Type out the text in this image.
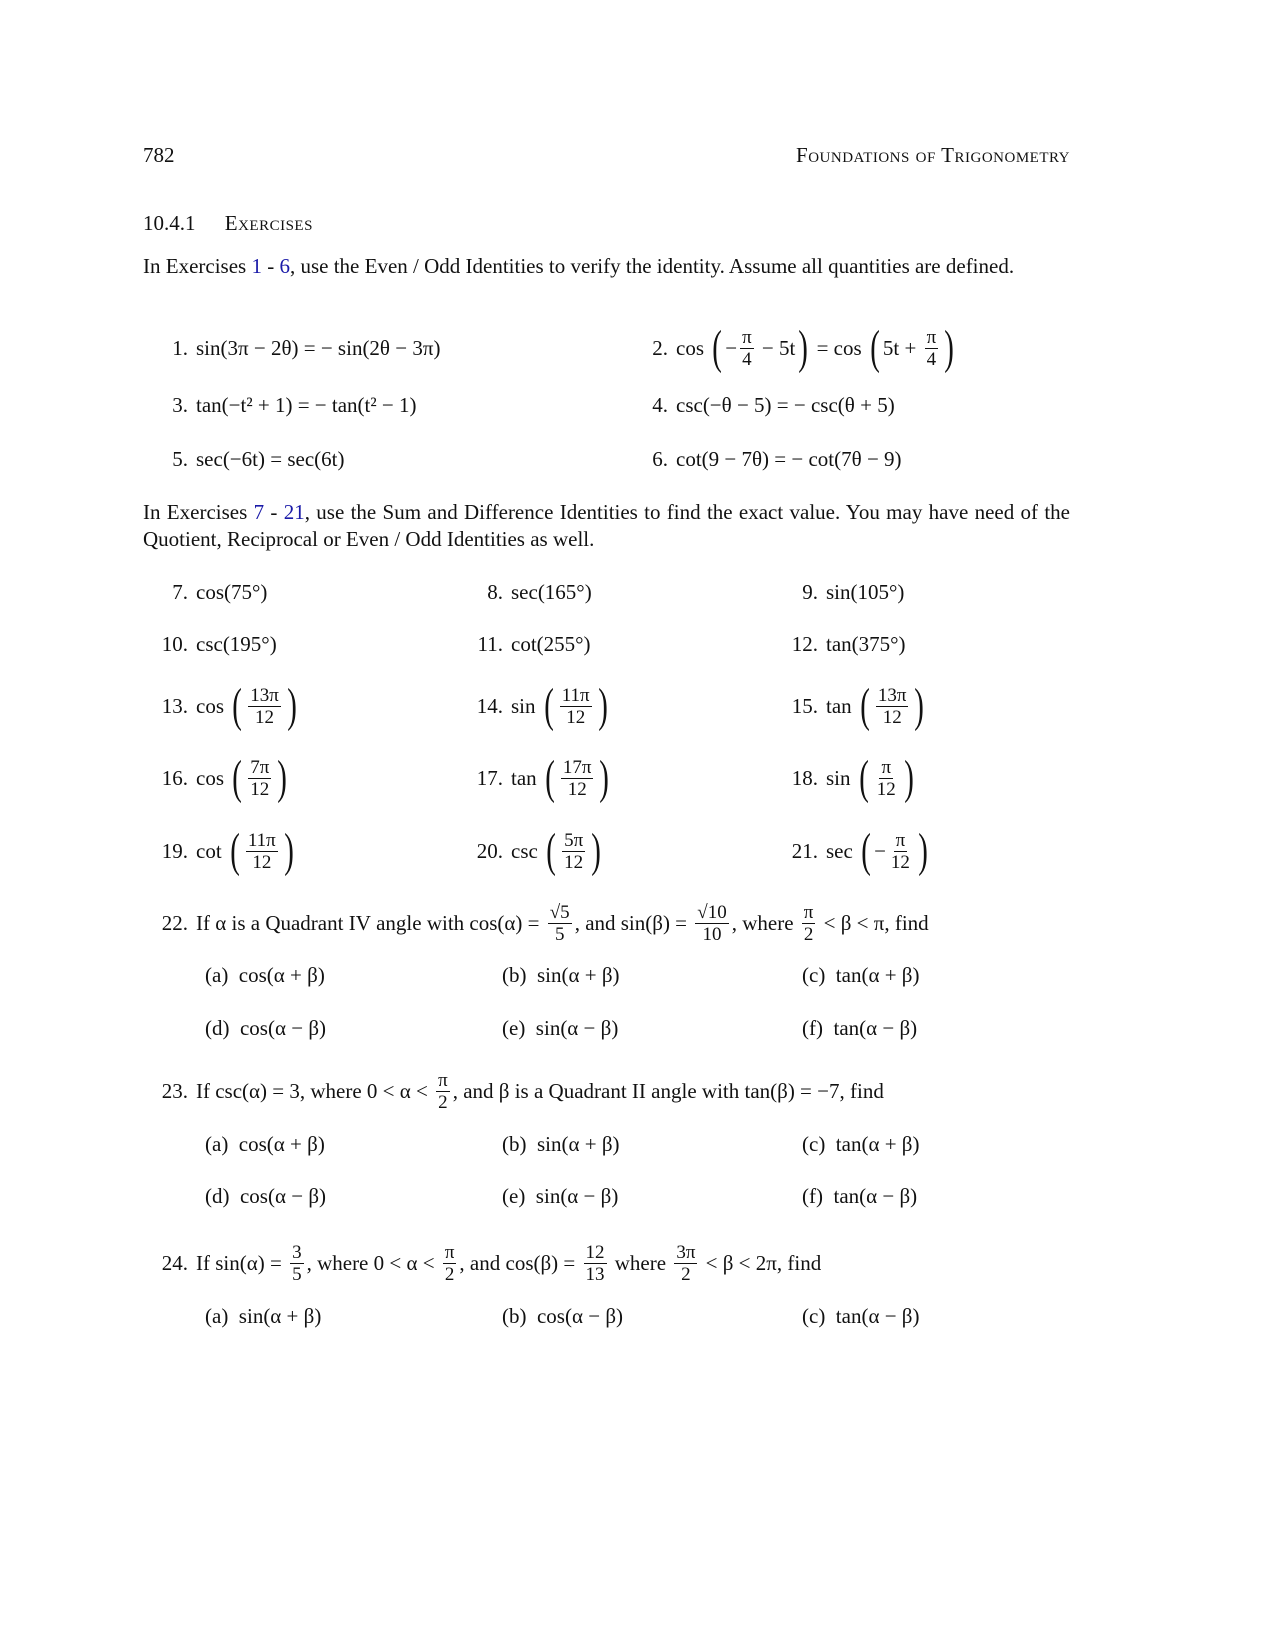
782	Foundations of Trigonometry
10.4.1 Exercises
In Exercises 1 - 6, use the Even / Odd Identities to verify the identity. Assume all quantities are defined.
1. sin(3π − 2θ) = − sin(2θ − 3π)	2. cos ( − $\frac{\pi}{4} - 5t$ ) = cos ( $5t + \frac{\pi}{4}$ )
3. tan(−t² + 1) = − tan(t² − 1)	4. csc(−θ − 5) = − csc(θ + 5)
5. sec(−6t) = sec(6t)	6. cot(9 − 7θ) = − cot(7θ − 9)
In Exercises 7 - 21, use the Sum and Difference Identities to find the exact value. You may have need of the Quotient, Reciprocal or Even / Odd Identities as well.
7. cos(75°)	8. sec(165°)	9. sin(105°)
10. csc(195°)	11. cot(255°)	12. tan(375°)
13. cos ( $\frac{13\pi}{12}$ )	14. sin ( $\frac{11\pi}{12}$ )	15. tan ( $\frac{13\pi}{12}$ )
16. cos ( $\frac{7\pi}{12}$ )	17. tan ( $\frac{17\pi}{12}$ )	18. sin ( $\frac{\pi}{12}$ )
19. cot ( $\frac{11\pi}{12}$ )	20. csc ( $\frac{5\pi}{12}$ )	21. sec ( − $\frac{\pi}{12}$ )
22. If α is a Quadrant IV angle with $\cos(\alpha) = \frac{√5}{5}$ , and $\sin(\beta) = \frac{√10}{10}$ , where $\frac{\pi}{2} < \beta < \pi$, find
(a)  cos(α + β)	(b)  sin(α + β)	(c)  tan(α + β)
(d)  cos(α − β)	(e)  sin(α − β)	(f)  tan(α − β)
23. If csc(α) = 3, where $0 < \alpha < \frac{\pi}{2}$ , and β is a Quadrant II angle with tan(β) = −7, find
(a)  cos(α + β)	(b)  sin(α + β)	(c)  tan(α + β)
(d)  cos(α − β)	(e)  sin(α − β)	(f)  tan(α − β)
24. If $\sin(\alpha) = \frac{3}{5}$ , where $0 < \alpha < \frac{\pi}{2}$ , and $\cos(\beta) = \frac{12}{13}$ where $\frac{3\pi}{2} < \beta < 2\pi$, find
(a)  sin(α + β)	(b)  cos(α − β)	(c)  tan(α − β)
